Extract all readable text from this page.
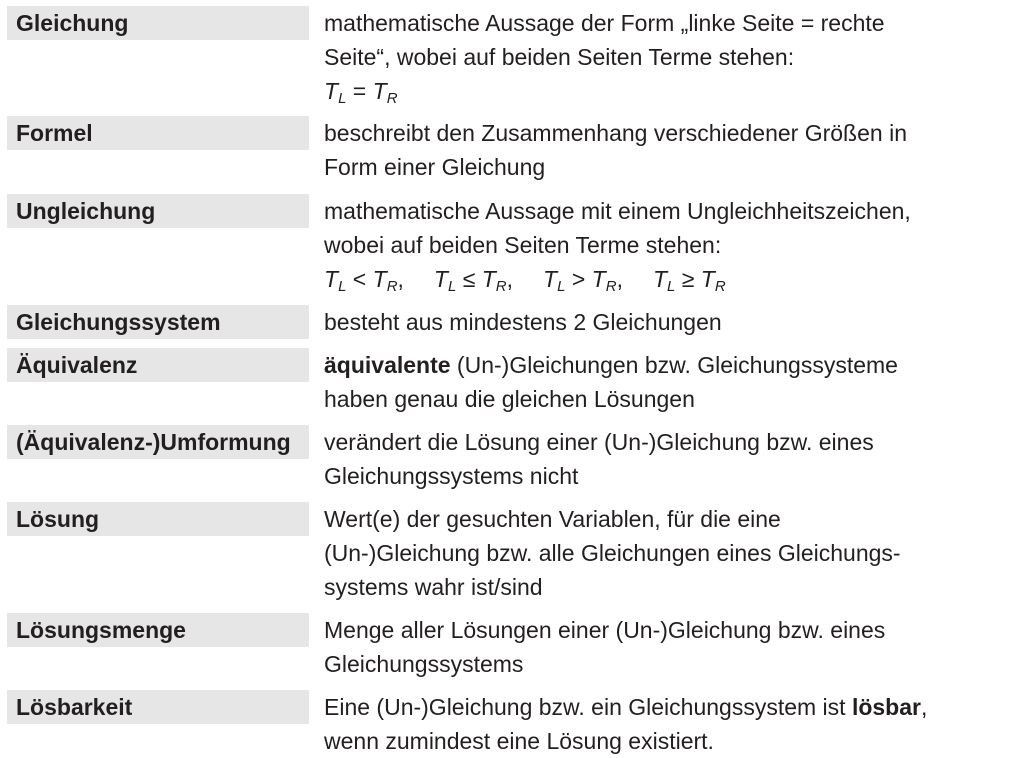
Gleichung	mathematische Aussage der Form „linke Seite = rechte
Seite“, wobei auf beiden Seiten Terme stehen:
$T_L = T_R$
Formel	beschreibt den Zusammenhang verschiedener Größen in
Form einer Gleichung
Ungleichung	mathematische Aussage mit einem Ungleichheitszeichen,
wobei auf beiden Seiten Terme stehen:
$T_L < T_R$, $T_L \le T_R$, $T_L > T_R$, $T_L \ge T_R$
Gleichungssystem	besteht aus mindestens 2 Gleichungen
Äquivalenz	äquivalente (Un-)Gleichungen bzw. Gleichungssysteme
haben genau die gleichen Lösungen
(Äquivalenz-)Umformung	verändert die Lösung einer (Un-)Gleichung bzw. eines
Gleichungssystems nicht
Lösung	Wert(e) der gesuchten Variablen, für die eine
(Un-)Gleichung bzw. alle Gleichungen eines Gleichungs-
systems wahr ist/sind
Lösungsmenge	Menge aller Lösungen einer (Un-)Gleichung bzw. eines
Gleichungssystems
Lösbarkeit	Eine (Un-)Gleichung bzw. ein Gleichungssystem ist lösbar,
wenn zumindest eine Lösung existiert.
